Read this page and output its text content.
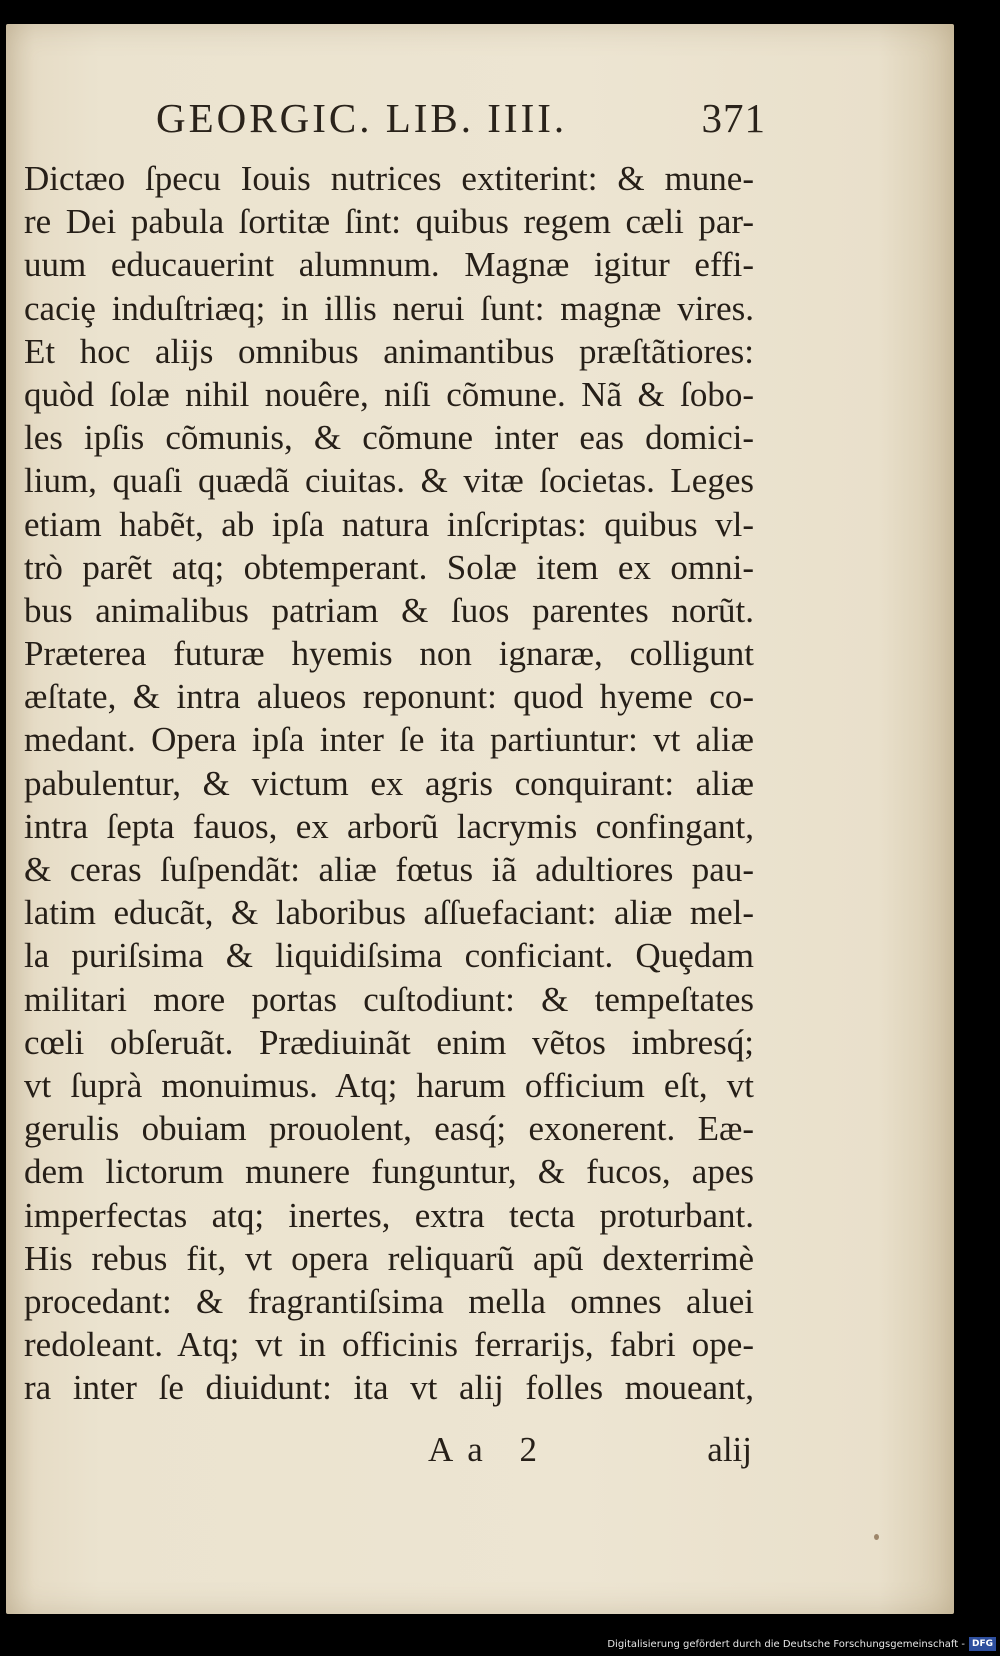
GEORGIC. LIB. IIII.	371
Dictæo ſpecu Iouis nutrices extiterint: & mune-
re Dei pabula ſortitæ ſint: quibus regem cæli par-
uum educauerint alumnum. Magnæ igitur effi-
caciȩ induſtriæq; in illis nerui ſunt: magnæ vires.
Et hoc alijs omnibus animantibus præſtãtiores:
quòd ſolæ nihil nouêre, niſi cõmune. Nã & ſobo-
les ipſis cõmunis, & cõmune inter eas domici-
lium, quaſi quædã ciuitas. & vitæ ſocietas. Leges
etiam habẽt, ab ipſa natura inſcriptas: quibus vl-
trò parẽt atq; obtemperant. Solæ item ex omni-
bus animalibus patriam & ſuos parentes norũt.
Præterea futuræ hyemis non ignaræ, colligunt
æſtate, & intra alueos reponunt: quod hyeme co-
medant. Opera ipſa inter ſe ita partiuntur: vt aliæ
pabulentur, & victum ex agris conquirant: aliæ
intra ſepta fauos, ex arborũ lacrymis confingant,
& ceras ſuſpendãt: aliæ fœtus iã adultiores pau-
latim educãt, & laboribus aſſuefaciant: aliæ mel-
la puriſsima & liquidiſsima conficiant. Quȩdam
militari more portas cuſtodiunt: & tempeſtates
cœli obſeruãt. Prædiuinãt enim vẽtos imbresq́;
vt ſuprà monuimus. Atq; harum officium eſt, vt
gerulis obuiam prouolent, easq́; exonerent. Eæ-
dem lictorum munere funguntur, & fucos, apes
imperfectas atq; inertes, extra tecta proturbant.
His rebus fit, vt opera reliquarũ apũ dexterrimè
procedant: & fragrantiſsima mella omnes aluei
redoleant. Atq; vt in officinis ferrarijs, fabri ope-
ra inter ſe diuidunt: ita vt alij folles moueant,
Aa 2	alij
Digitalisierung gefördert durch die Deutsche Forschungsgemeinschaft - DFG
